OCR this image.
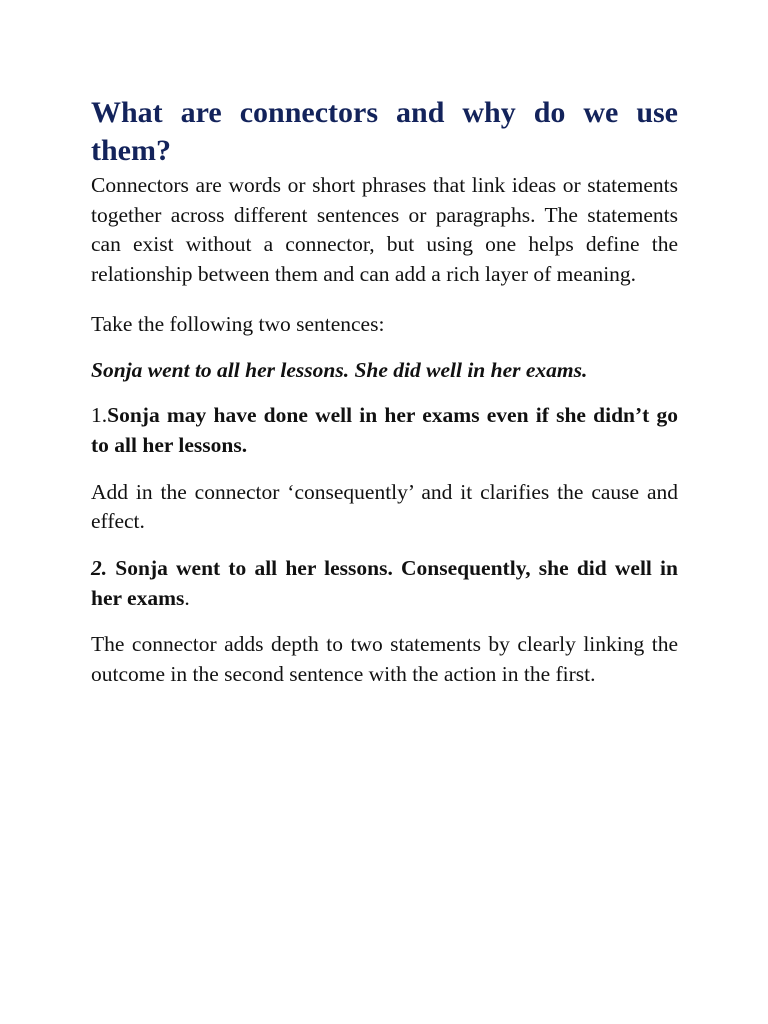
What are connectors and why do we use them?

Connectors are words or short phrases that link ideas or statements together across different sentences or paragraphs. The statements can exist without a connector, but using one helps define the relationship between them and can add a rich layer of meaning.

Take the following two sentences:

Sonja went to all her lessons. She did well in her exams.

1.Sonja may have done well in her exams even if she didn’t go to all her lessons.

Add in the connector ‘consequently’ and it clarifies the cause and effect.

2. Sonja went to all her lessons. Consequently, she did well in her exams.

The connector adds depth to two statements by clearly linking the outcome in the second sentence with the action in the first.
